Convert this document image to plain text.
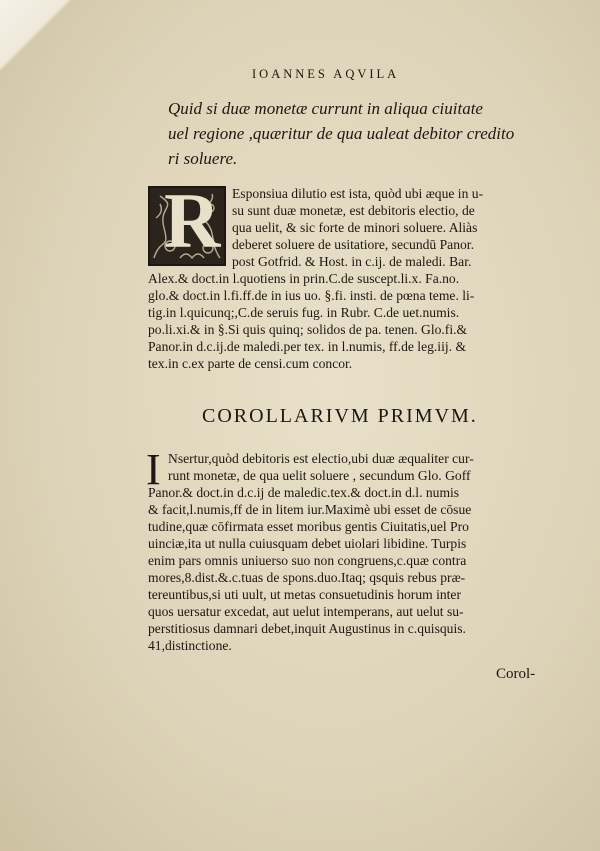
IOANNES AQVILA
Quid si duæ monetæ currunt in aliqua ciuitate
uel regione ,quæritur de qua ualeat debitor credito
ri soluere.
R Esponsiua dilutio est ista, quòd ubi æque in u-
su sunt duæ monetæ, est debitoris electio, de
qua uelit, & sic forte de minori soluere. Aliàs
deberet soluere de usitatiore, secundū Panor.
post Gotfrid. & Host. in c.ij. de maledi. Bar.
Alex.& doct.in l.quotiens in prin.C.de suscept.li.x. Fa.no.
glo.& doct.in l.fi.ff.de in ius uo. §.fi. insti. de pœna teme. li-
tig.in l.quicunq;,C.de seruis fug. in Rubr. C.de uet.numis.
po.li.xi.& in §.Si quis quinq; solidos de pa. tenen. Glo.fi.&
Panor.in d.c.ij.de maledi.per tex. in l.numis, ff.de leg.iij. &
tex.in c.ex parte de censi.cum concor.
COROLLARIVM PRIMVM.
I Nsertur,quòd debitoris est electio,ubi duæ æqualiter cur-
runt monetæ, de qua uelit soluere , secundum Glo. Goff
Panor.& doct.in d.c.ij de maledic.tex.& doct.in d.l. numis
& facit,l.numis,ff de in litem iur.Maximè ubi esset de cōsue
tudine,quæ cōfirmata esset moribus gentis Ciuitatis,uel Pro
uinciæ,ita ut nulla cuiusquam debet uiolari libidine. Turpis
enim pars omnis uniuerso suo non congruens,c.quæ contra
mores,8.dist.&.c.tuas de spons.duo.Itaq; qsquis rebus præ-
tereuntibus,si uti uult, ut metas consuetudinis horum inter
quos uersatur excedat, aut uelut intemperans, aut uelut su-
perstitiosus damnari debet,inquit Augustinus in c.quisquis.
41,distinctione.
Corol-
